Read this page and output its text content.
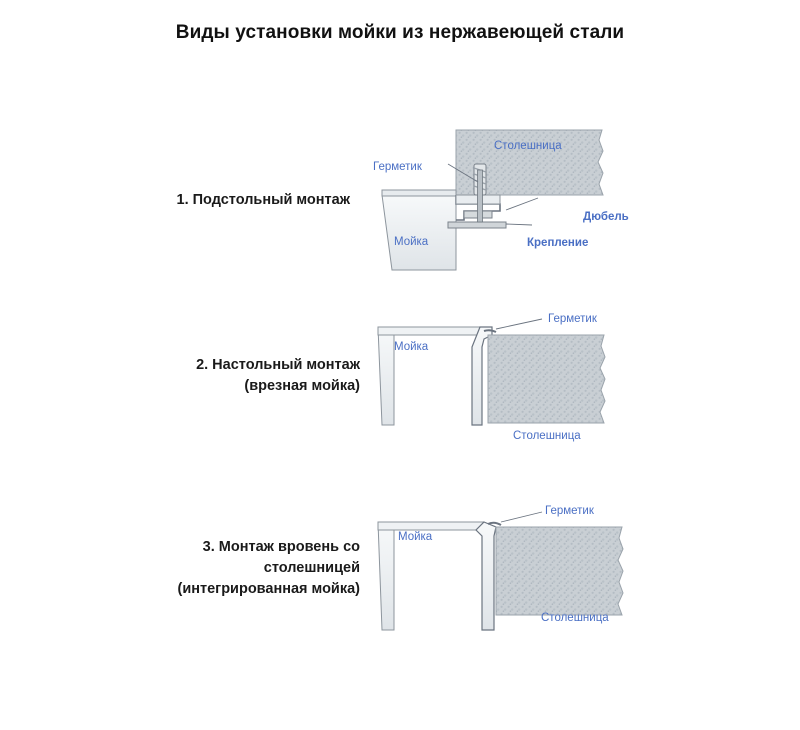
Виды установки мойки из нержавеющей стали
1. Подстольный монтаж
Герметик
Столешница
Мойка
Дюбель
Крепление
2. Настольный монтаж
(врезная мойка)
Герметик
Мойка
Столешница
3. Монтаж вровень со
столешницей
(интегрированная мойка)
Герметик
Мойка
Столешница
